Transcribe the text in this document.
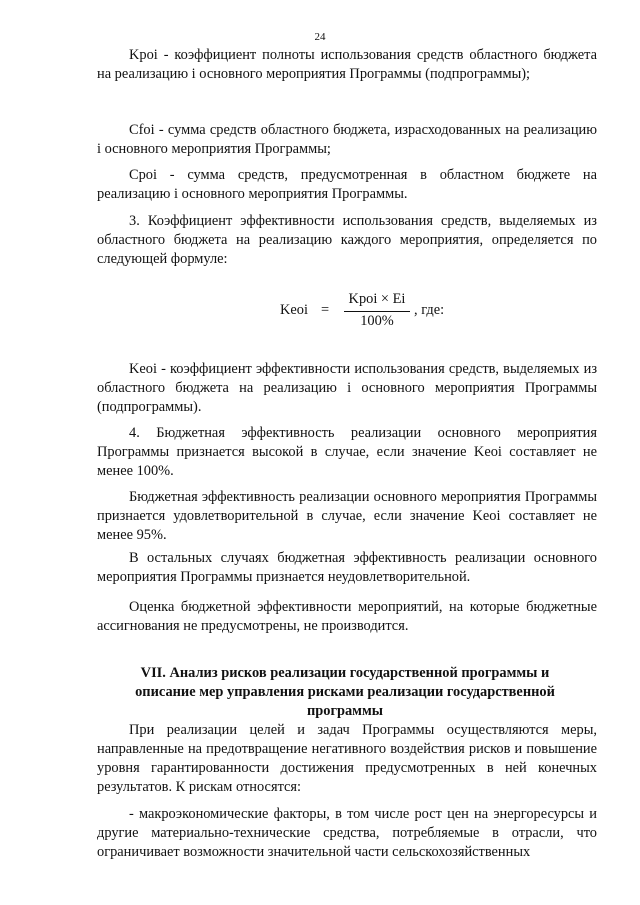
24
Kpoi - коэффициент полноты использования средств областного бюджета на реализацию i основного мероприятия Программы (подпрограммы);
Cfoi - сумма средств областного бюджета, израсходованных на реализацию i основного мероприятия Программы;
Cpoi - сумма средств, предусмотренная в областном бюджете на реализацию i основного мероприятия Программы.
3. Коэффициент эффективности использования средств, выделяемых из областного бюджета на реализацию каждого мероприятия, определяется по следующей формуле:
Keoi =
Kpoi × Ei
100%
, где:
Keoi - коэффициент эффективности использования средств, выделяемых из областного бюджета на реализацию i основного мероприятия Программы (подпрограммы).
4. Бюджетная эффективность реализации основного мероприятия Программы признается высокой в случае, если значение Keoi составляет не менее 100%.
Бюджетная эффективность реализации основного мероприятия Программы признается удовлетворительной в случае, если значение Keoi составляет не менее 95%.
В остальных случаях бюджетная эффективность реализации основного мероприятия Программы признается неудовлетворительной.
Оценка бюджетной эффективности мероприятий, на которые бюджетные ассигнования не предусмотрены, не производится.
VII. Анализ рисков реализации государственной программы и описание мер управления рисками реализации государственной программы
При реализации целей и задач Программы осуществляются меры, направленные на предотвращение негативного воздействия рисков и повышение уровня гарантированности достижения предусмотренных в ней конечных результатов. К рискам относятся:
- макроэкономические факторы, в том числе рост цен на энергоресурсы и другие материально-технические средства, потребляемые в отрасли, что ограничивает возможности значительной части сельскохозяйственных
